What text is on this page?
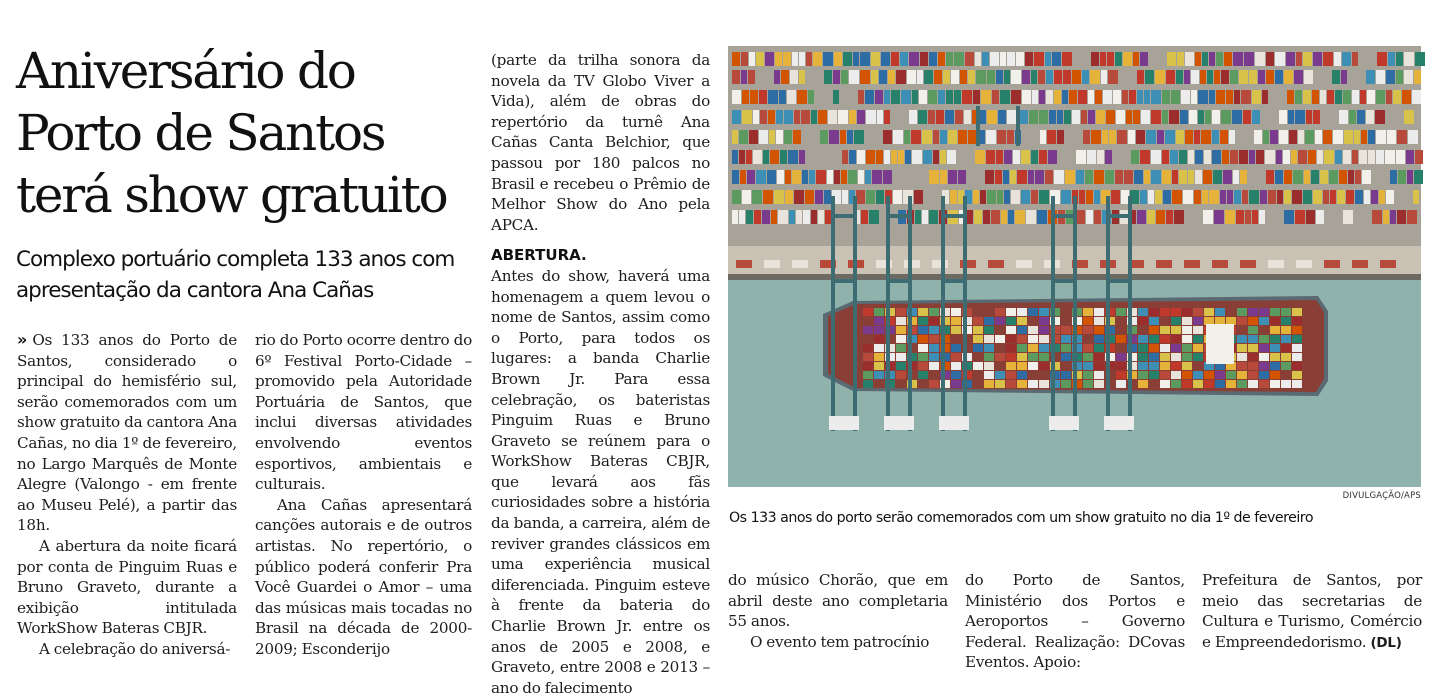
Aniversário do Porto de Santos terá show gratuito
Complexo portuário completa 133 anos com apresentação da cantora Ana Cañas

» Os 133 anos do Porto de Santos, considerado o principal do hemisfério sul, serão comemorados com um show gratuito da cantora Ana Cañas, no dia 1º de fevereiro, no Largo Marquês de Monte Alegre (Valongo - em frente ao Museu Pelé), a partir das 18h.

A abertura da noite ficará por conta de Pinguim Ruas e Bruno Graveto, durante a exibição intitulada WorkShow Bateras CBJR.

A celebração do aniversá-

rio do Porto ocorre dentro do 6º Festival Porto-Cidade – promovido pela Autoridade Portuária de Santos, que inclui diversas atividades envolvendo eventos esportivos, ambientais e culturais.

Ana Cañas apresentará canções autorais e de outros artistas. No repertório, o público poderá conferir Pra Você Guardei o Amor – uma das músicas mais tocadas no Brasil na década de 2000-2009; Esconderijo

(parte da trilha sonora da novela da TV Globo Viver a Vida), além de obras do repertório da turnê Ana Cañas Canta Belchior, que passou por 180 palcos no Brasil e recebeu o Prêmio de Melhor Show do Ano pela APCA.

ABERTURA.

Antes do show, haverá uma homenagem a quem levou o nome de Santos, assim como o Porto, para todos os lugares: a banda Charlie Brown Jr. Para essa celebração, os bateristas Pinguim Ruas e Bruno Graveto se reúnem para o WorkShow Bateras CBJR, que levará aos fãs curiosidades sobre a história da banda, a carreira, além de reviver grandes clássicos em uma experiência musical diferenciada. Pinguim esteve à frente da bateria do Charlie Brown Jr. entre os anos de 2005 e 2008, e Graveto, entre 2008 e 2013 – ano do falecimento

DIVULGAÇÃO/APS
Os 133 anos do porto serão comemorados com um show gratuito no dia 1º de fevereiro

do músico Chorão, que em abril deste ano completaria 55 anos.

O evento tem patrocínio

do Porto de Santos, Ministério dos Portos e Aeroportos – Governo Federal. Realização: DCovas Eventos. Apoio:

Prefeitura de Santos, por meio das secretarias de Cultura e Turismo, Comércio e Empreendedorismo. (DL)
